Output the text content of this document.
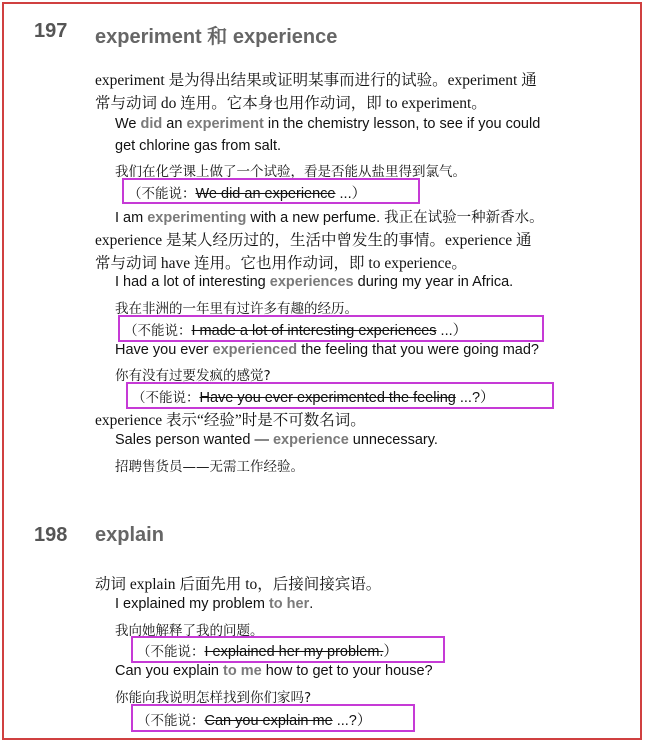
197 experiment 和 experience
experiment 是为得出结果或证明某事而进行的试验。experiment 通
常与动词 do 连用。它本身也用作动词，即 to experiment。
We did an experiment in the chemistry lesson, to see if you could
get chlorine gas from salt.
我们在化学课上做了一个试验，看是否能从盐里得到氯气。
（不能说：We did an experience ...）
I am experimenting with a new perfume. 我正在试验一种新香水。
experience 是某人经历过的，生活中曾发生的事情。experience 通
常与动词 have 连用。它也用作动词，即 to experience。
I had a lot of interesting experiences during my year in Africa.
我在非洲的一年里有过许多有趣的经历。
（不能说：I made a lot of interesting experiences ...）
Have you ever experienced the feeling that you were going mad?
你有没有过要发疯的感觉?
（不能说：Have you ever experimented the feeling ...?）
experience 表示“经验”时是不可数名词。
Sales person wanted — experience unnecessary.
招聘售货员——无需工作经验。
198 explain
动词 explain 后面先用 to，后接间接宾语。
I explained my problem to her.
我向她解释了我的问题。
（不能说：I explained her my problem.）
Can you explain to me how to get to your house?
你能向我说明怎样找到你们家吗?
（不能说：Can you explain me ...?）
